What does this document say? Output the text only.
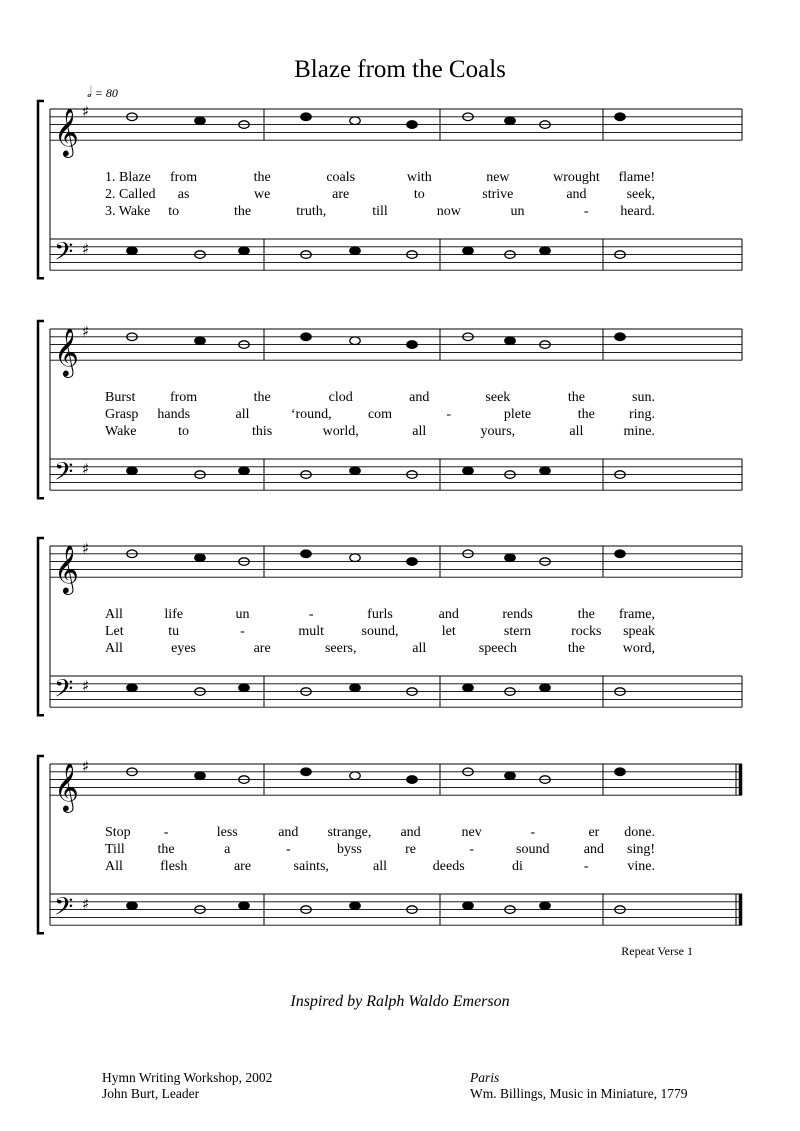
Blaze from the Coals
𝅗𝅥 = 80
𝄞
𝄢
♯
♯
1. Blaze from	the	coals	with	new	wrought flame!
2. Called as	we	are	to	strive	and	seek,
3. Wake to	the	truth,	till	now	un	- heard.
𝄞
𝄢
♯
♯
Burst from	the	clod	and	seek	the	sun.
Grasp hands	all	‘round,	com	-	plete	the ring.
Wake	to	this	world,	all	yours,	all	mine.
𝄞
𝄢
♯
♯
All	life	un	-	furls	and	rends	the frame,
Let	tu	-	mult	sound,	let	stern	rocks speak
All	eyes	are	seers,	all	speech	the	word,
𝄞
𝄢
♯
♯
Stop -	less	and strange, and	nev	-	er done.
Till the	a	-	byss	re	-	sound and sing!
All	flesh	are	saints,	all	deeds	di	-	vine.
Repeat Verse 1
Inspired by Ralph Waldo Emerson
Hymn Writing Workshop, 2002
John Burt, Leader
Paris
Wm. Billings, Music in Miniature, 1779
